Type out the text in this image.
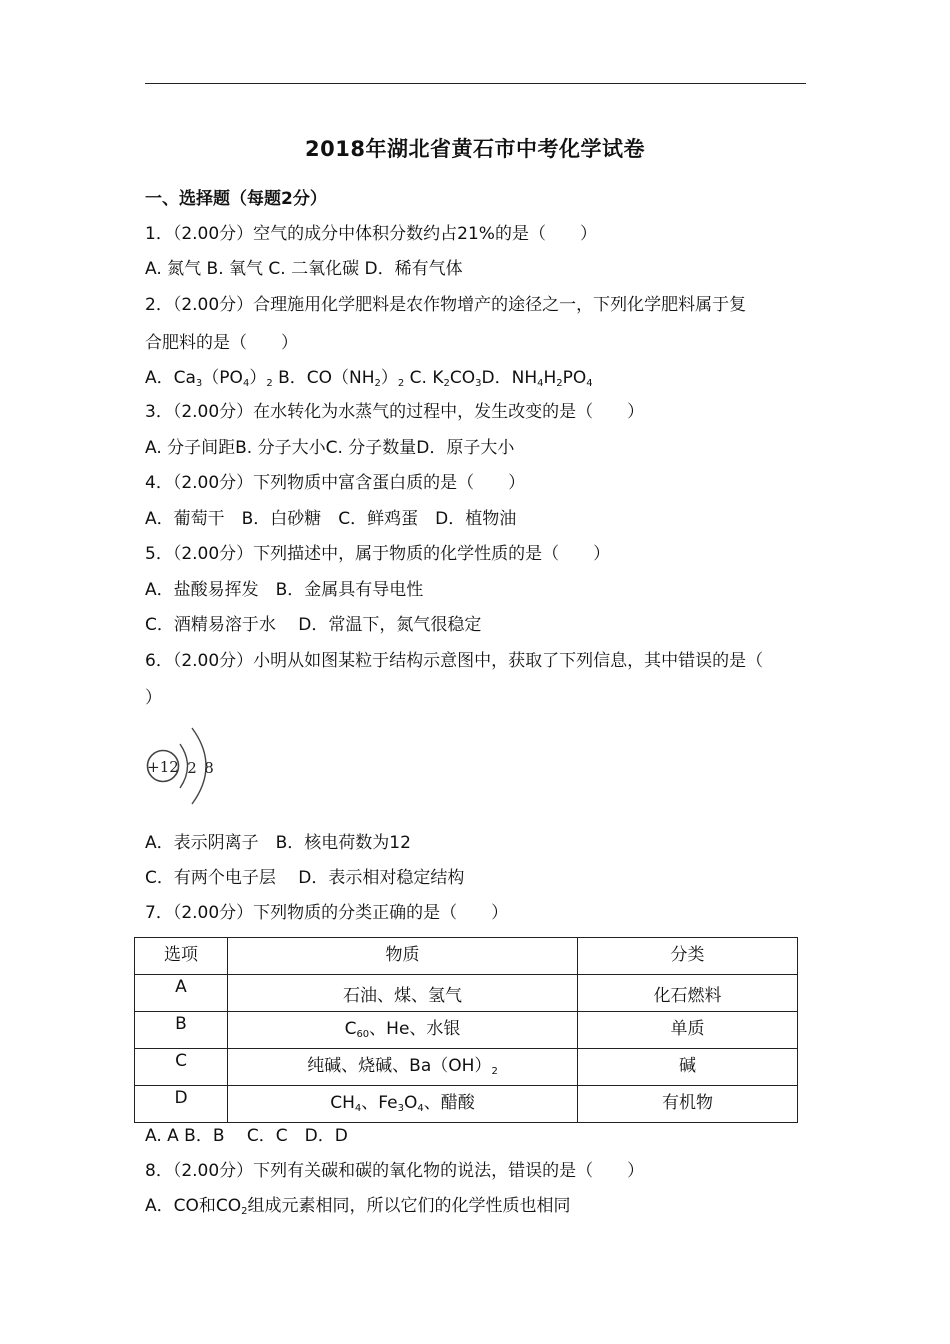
2018年湖北省黄石市中考化学试卷
一、选择题（每题2分）
1．（2.00分）空气的成分中体积分数约占21%的是（　　）
A. 氮气 B. 氧气 C. 二氧化碳 D．稀有气体
2．（2.00分）合理施用化学肥料是农作物增产的途径之一，下列化学肥料属于复
合肥料的是（　　）
A．$Ca_3(PO_4)_2$ B．$CO(NH_2)_2$ C. $K_2CO_3D$．$NH_4H_2PO_4$
3．（2.00分）在水转化为水蒸气的过程中，发生改变的是（　　）
A. 分子间距B. 分子大小C. 分子数量D．原子大小
4．（2.00分）下列物质中富含蛋白质的是（　　）
A．葡萄干　B．白砂糖　C．鲜鸡蛋　D．植物油
5．（2.00分）下列描述中，属于物质的化学性质的是（　　）
A．盐酸易挥发　B．金属具有导电性
C．酒精易溶于水　 D．常温下，氮气很稳定
6．（2.00分）小明从如图某粒于结构示意图中，获取了下列信息，其中错误的是（
）
+12 2 8
A．表示阴离子　B．核电荷数为12
C．有两个电子层　 D．表示相对稳定结构
7．（2.00分）下列物质的分类正确的是（　　）
选项	物质	分类
A	石油、煤、氢气	化石燃料
B	$C_{60}$、He、水银	单质
C	纯碱、烧碱、$Ba(OH)_2$	碱
D	$CH_4$、$Fe_3O_4$、醋酸	有机物
A. A B．B　 C．C　D．D
8．（2.00分）下列有关碳和碳的氧化物的说法，错误的是（　　）
A．CO和$CO_2$组成元素相同，所以它们的化学性质也相同
